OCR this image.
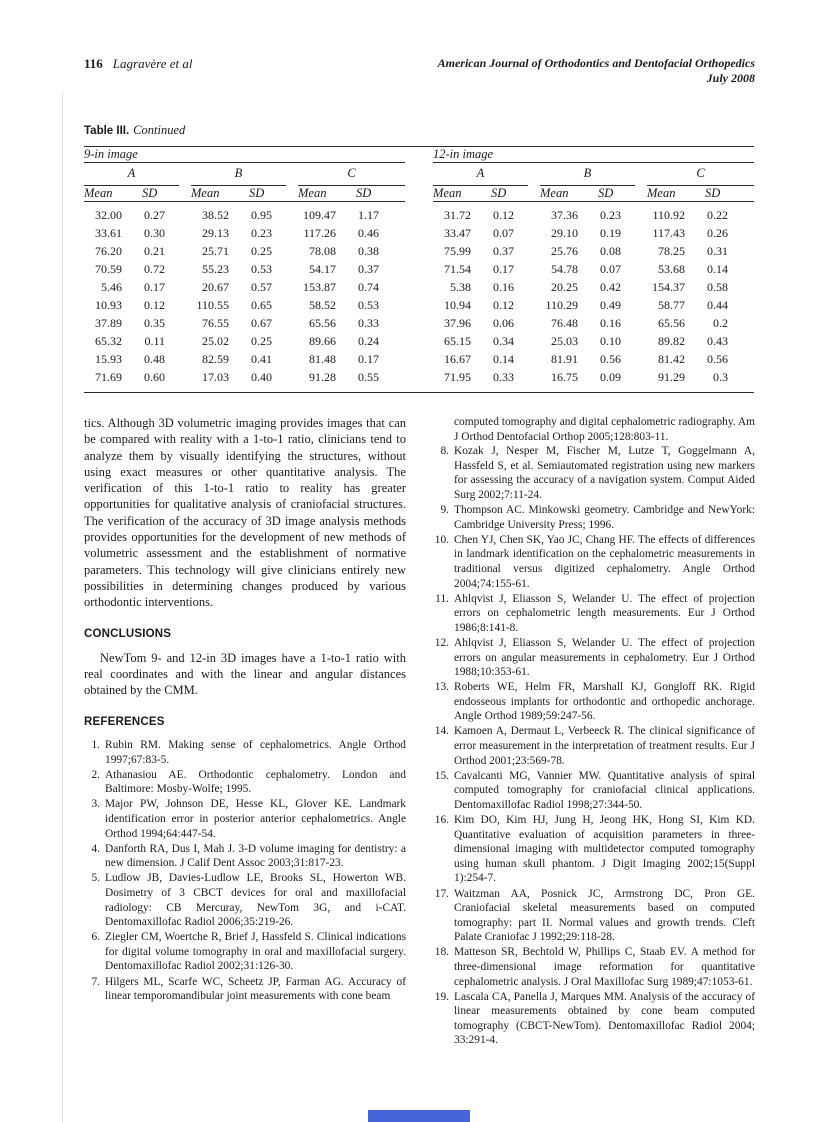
116 Lagravère et al	American Journal of Orthodontics and Dentofacial Orthopedics
July 2008
Table III. Continued
9-in image							12-in image					

A		B		C			A		B		C	

Mean	SD	Mean	SD	Mean	SD		Mean	SD	Mean	SD	Mean	SD
32.00	0.27	38.52	0.95	109.47	1.17		31.72	0.12	37.36	0.23	110.92	0.22
33.61	0.30	29.13	0.23	117.26	0.46		33.47	0.07	29.10	0.19	117.43	0.26
76.20	0.21	25.71	0.25	78.08	0.38		75.99	0.37	25.76	0.08	78.25	0.31
70.59	0.72	55.23	0.53	54.17	0.37		71.54	0.17	54.78	0.07	53.68	0.14
5.46	0.17	20.67	0.57	153.87	0.74		5.38	0.16	20.25	0.42	154.37	0.58
10.93	0.12	110.55	0.65	58.52	0.53		10.94	0.12	110.29	0.49	58.77	0.44
37.89	0.35	76.55	0.67	65.56	0.33		37.96	0.06	76.48	0.16	65.56	0.2
65.32	0.11	25.02	0.25	89.66	0.24		65.15	0.34	25.03	0.10	89.82	0.43
15.93	0.48	82.59	0.41	81.48	0.17		16.67	0.14	81.91	0.56	81.42	0.56
71.69	0.60	17.03	0.40	91.28	0.55		71.95	0.33	16.75	0.09	91.29	0.3

tics. Although 3D volumetric imaging provides images that can be compared with reality with a 1-to-1 ratio, clinicians tend to analyze them by visually identifying the structures, without using exact measures or other quantitative analysis. The verification of this 1-to-1 ratio to reality has greater opportunities for qualitative analysis of craniofacial structures. The verification of the accuracy of 3D image analysis methods provides opportunities for the development of new methods of volumetric assessment and the establishment of normative parameters. This technology will give clinicians entirely new possibilities in determining changes produced by various orthodontic interventions.

CONCLUSIONS

NewTom 9- and 12-in 3D images have a 1-to-1 ratio with real coordinates and with the linear and angular distances obtained by the CMM.

REFERENCES
1. Rubin RM. Making sense of cephalometrics. Angle Orthod 1997;67:83-5.
2. Athanasiou AE. Orthodontic cephalometry. London and Baltimore: Mosby-Wolfe; 1995.
3. Major PW, Johnson DE, Hesse KL, Glover KE. Landmark identification error in posterior anterior cephalometrics. Angle Orthod 1994;64:447-54.
4. Danforth RA, Dus I, Mah J. 3-D volume imaging for dentistry: a new dimension. J Calif Dent Assoc 2003;31:817-23.
5. Ludlow JB, Davies-Ludlow LE, Brooks SL, Howerton WB. Dosimetry of 3 CBCT devices for oral and maxillofacial radiology: CB Mercuray, NewTom 3G, and i-CAT. Dentomaxillofac Radiol 2006;35:219-26.
6. Ziegler CM, Woertche R, Brief J, Hassfeld S. Clinical indications for digital volume tomography in oral and maxillofacial surgery. Dentomaxillofac Radiol 2002;31:126-30.
7. Hilgers ML, Scarfe WC, Scheetz JP, Farman AG. Accuracy of linear temporomandibular joint measurements with cone beam
computed tomography and digital cephalometric radiography. Am J Orthod Dentofacial Orthop 2005;128:803-11.
8. Kozak J, Nesper M, Fischer M, Lutze T, Goggelmann A, Hassfeld S, et al. Semiautomated registration using new markers for assessing the accuracy of a navigation system. Comput Aided Surg 2002;7:11-24.
9. Thompson AC. Minkowski geometry. Cambridge and NewYork: Cambridge University Press; 1996.
10. Chen YJ, Chen SK, Yao JC, Chang HF. The effects of differences in landmark identification on the cephalometric measurements in traditional versus digitized cephalometry. Angle Orthod 2004;74:155-61.
11. Ahlqvist J, Eliasson S, Welander U. The effect of projection errors on cephalometric length measurements. Eur J Orthod 1986;8:141-8.
12. Ahlqvist J, Eliasson S, Welander U. The effect of projection errors on angular measurements in cephalometry. Eur J Orthod 1988;10:353-61.
13. Roberts WE, Helm FR, Marshall KJ, Gongloff RK. Rigid endosseous implants for orthodontic and orthopedic anchorage. Angle Orthod 1989;59:247-56.
14. Kamoen A, Dermaut L, Verbeeck R. The clinical significance of error measurement in the interpretation of treatment results. Eur J Orthod 2001;23:569-78.
15. Cavalcanti MG, Vannier MW. Quantitative analysis of spiral computed tomography for craniofacial clinical applications. Dentomaxillofac Radiol 1998;27:344-50.
16. Kim DO, Kim HJ, Jung H, Jeong HK, Hong SI, Kim KD. Quantitative evaluation of acquisition parameters in three-dimensional imaging with multidetector computed tomography using human skull phantom. J Digit Imaging 2002;15(Suppl 1):254-7.
17. Waitzman AA, Posnick JC, Armstrong DC, Pron GE. Craniofacial skeletal measurements based on computed tomography: part II. Normal values and growth trends. Cleft Palate Craniofac J 1992;29:118-28.
18. Matteson SR, Bechtold W, Phillips C, Staab EV. A method for three-dimensional image reformation for quantitative cephalometric analysis. J Oral Maxillofac Surg 1989;47:1053-61.
19. Lascala CA, Panella J, Marques MM. Analysis of the accuracy of linear measurements obtained by cone beam computed tomography (CBCT-NewTom). Dentomaxillofac Radiol 2004; 33:291-4.
